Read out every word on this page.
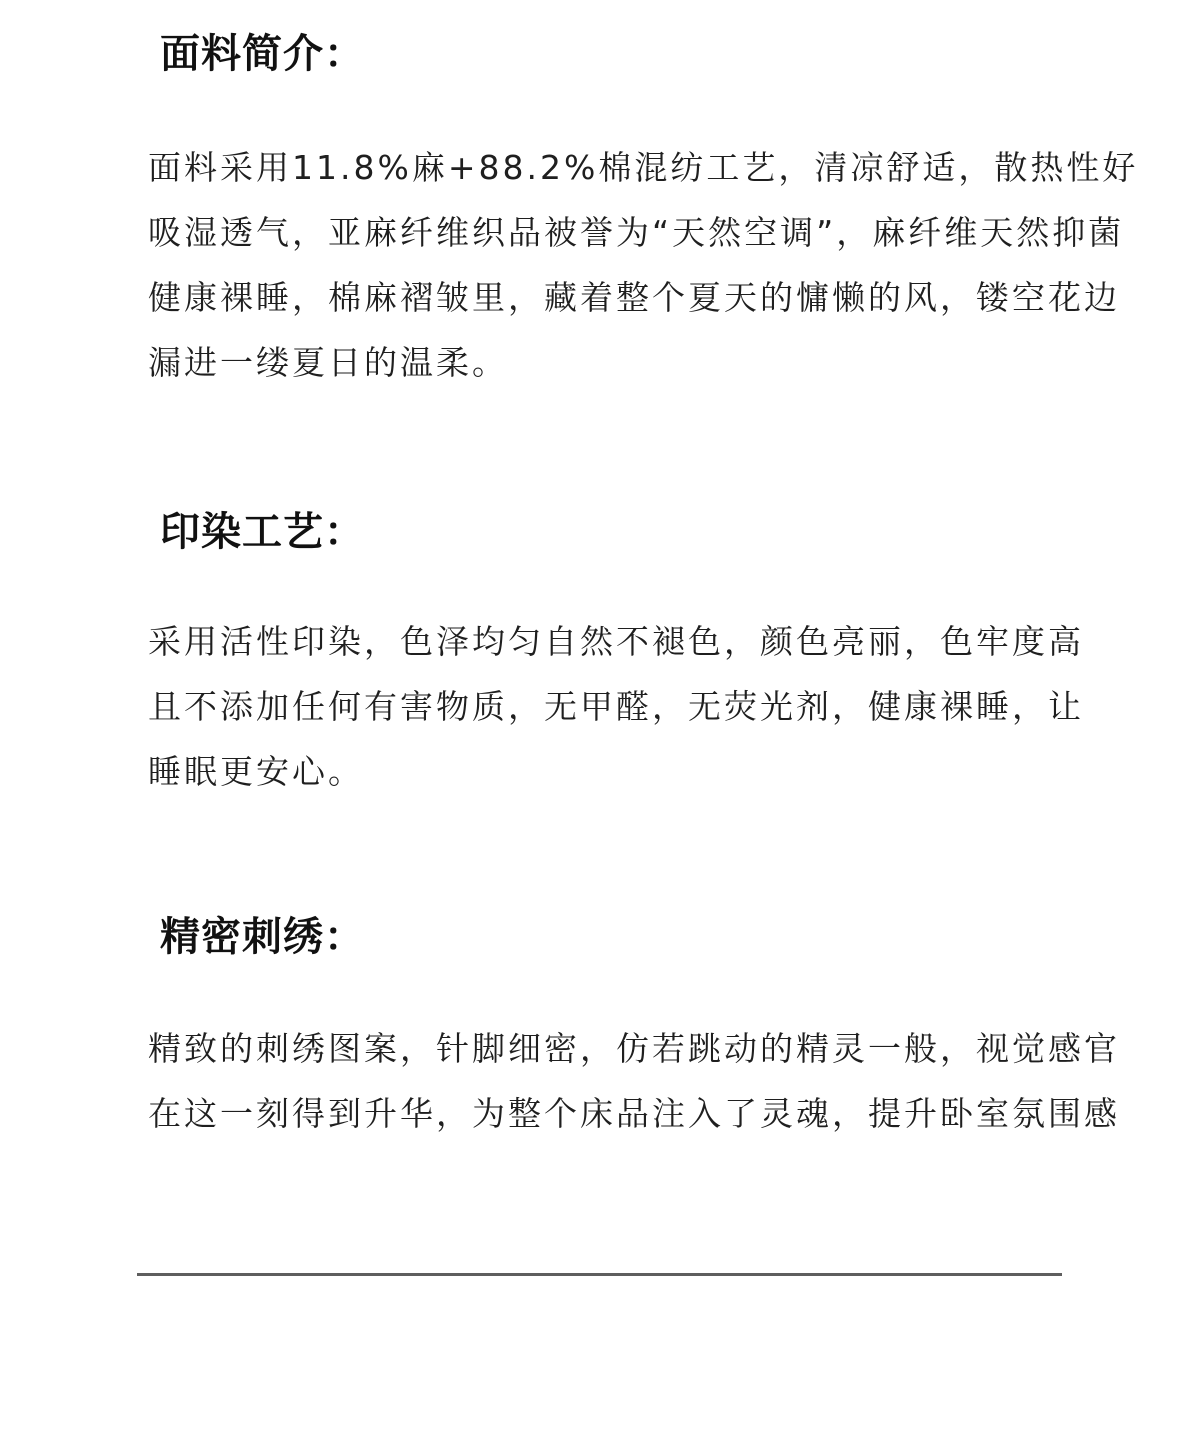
面料简介：
面料采用11.8%麻+88.2%棉混纺工艺，清凉舒适，散热性好
吸湿透气，亚麻纤维织品被誉为“天然空调”，麻纤维天然抑菌
健康裸睡，棉麻褶皱里，藏着整个夏天的慵懒的风，镂空花边
漏进一缕夏日的温柔。
印染工艺：
采用活性印染，色泽均匀自然不褪色，颜色亮丽，色牢度高
且不添加任何有害物质，无甲醛，无荧光剂，健康裸睡，让
睡眠更安心。
精密刺绣：
精致的刺绣图案，针脚细密，仿若跳动的精灵一般，视觉感官
在这一刻得到升华，为整个床品注入了灵魂，提升卧室氛围感
